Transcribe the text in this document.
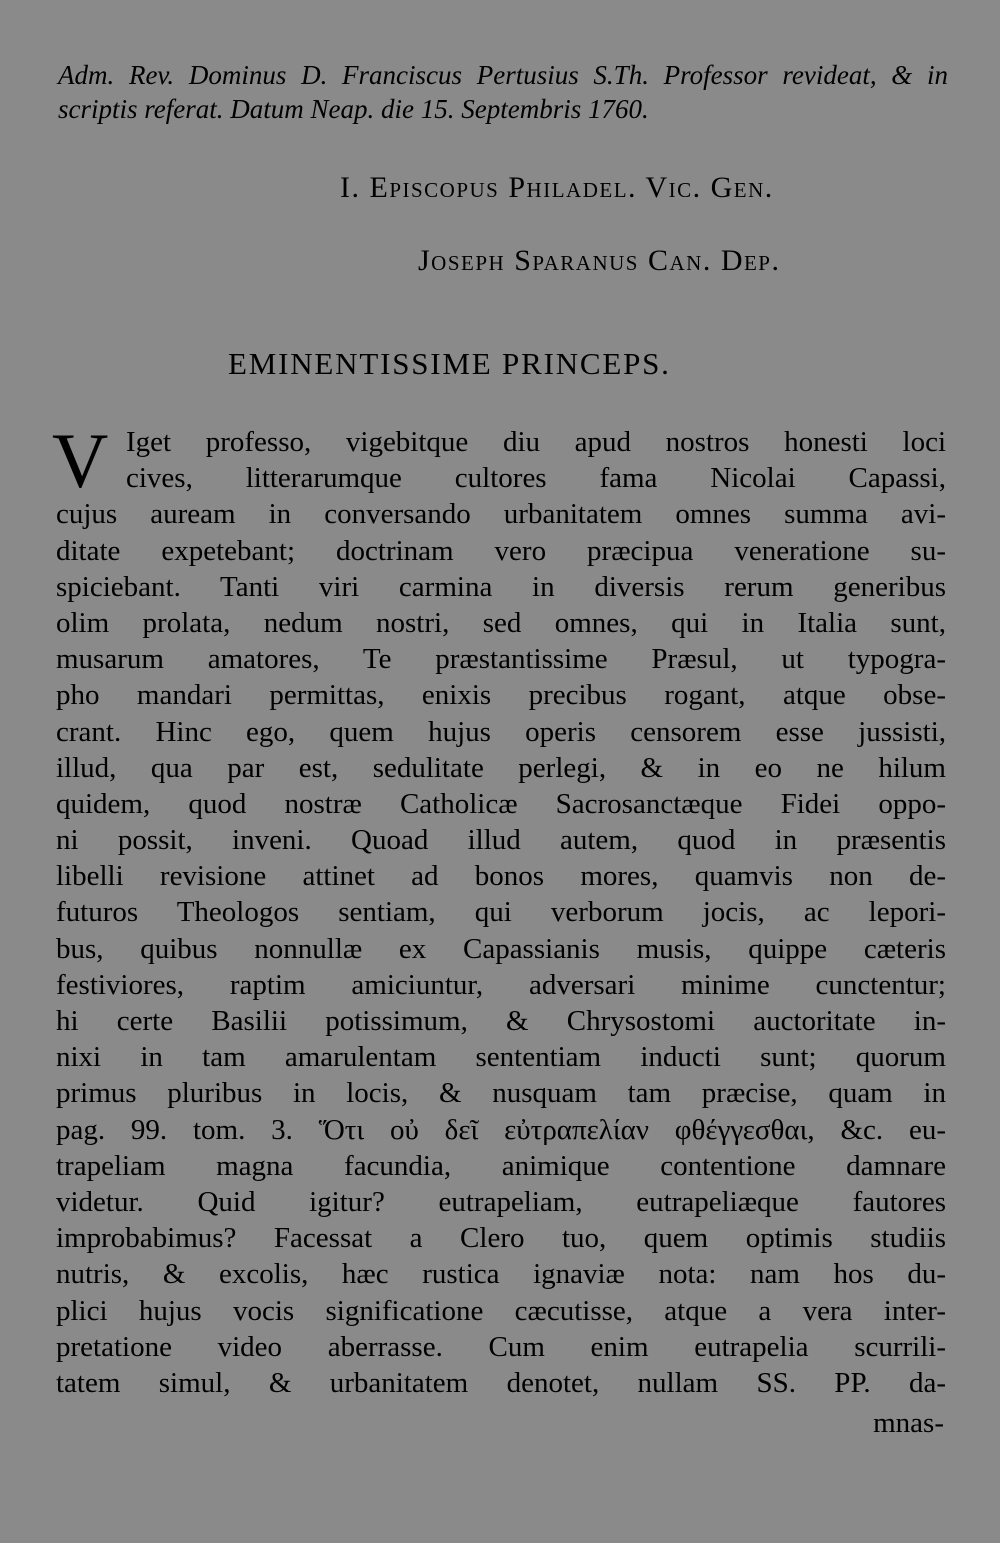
Adm. Rev. Dominus D. Franciscus Pertusius S.Th. Professor revideat, & in scriptis referat. Datum Neap. die 15. Septembris 1760.
I. Episcopus Philadel. Vic. Gen.
Joseph Sparanus Can. Dep.
EMINENTISSIME PRINCEPS.
V Iget professo, vigebitque diu apud nostros honesti loci
cives, litterarumque cultores fama Nicolai Capassi,
cujus auream in conversando urbanitatem omnes summa avi-
ditate expetebant; doctrinam vero præcipua veneratione su-
spiciebant. Tanti viri carmina in diversis rerum generibus
olim prolata, nedum nostri, sed omnes, qui in Italia sunt,
musarum amatores, Te præstantissime Præsul, ut typogra-
pho mandari permittas, enixis precibus rogant, atque obse-
crant. Hinc ego, quem hujus operis censorem esse jussisti,
illud, qua par est, sedulitate perlegi, & in eo ne hilum
quidem, quod nostræ Catholicæ Sacrosanctæque Fidei oppo-
ni possit, inveni. Quoad illud autem, quod in præsentis
libelli revisione attinet ad bonos mores, quamvis non de-
futuros Theologos sentiam, qui verborum jocis, ac lepori-
bus, quibus nonnullæ ex Capassianis musis, quippe cæteris
festiviores, raptim amiciuntur, adversari minime cunctentur;
hi certe Basilii potissimum, & Chrysostomi auctoritate in-
nixi in tam amarulentam sententiam inducti sunt; quorum
primus pluribus in locis, & nusquam tam præcise, quam in
pag. 99. tom. 3. Ὅτι οὐ δεῖ εὐτραπελίαν φθέγγεσθαι, &c. eu-
trapeliam magna facundia, animique contentione damnare
videtur. Quid igitur? eutrapeliam, eutrapeliæque fautores
improbabimus? Facessat a Clero tuo, quem optimis studiis
nutris, & excolis, hæc rustica ignaviæ nota: nam hos du-
plici hujus vocis significatione cæcutisse, atque a vera inter-
pretatione video aberrasse. Cum enim eutrapelia scurrili-
tatem simul, & urbanitatem denotet, nullam SS. PP. da-
mnas-
